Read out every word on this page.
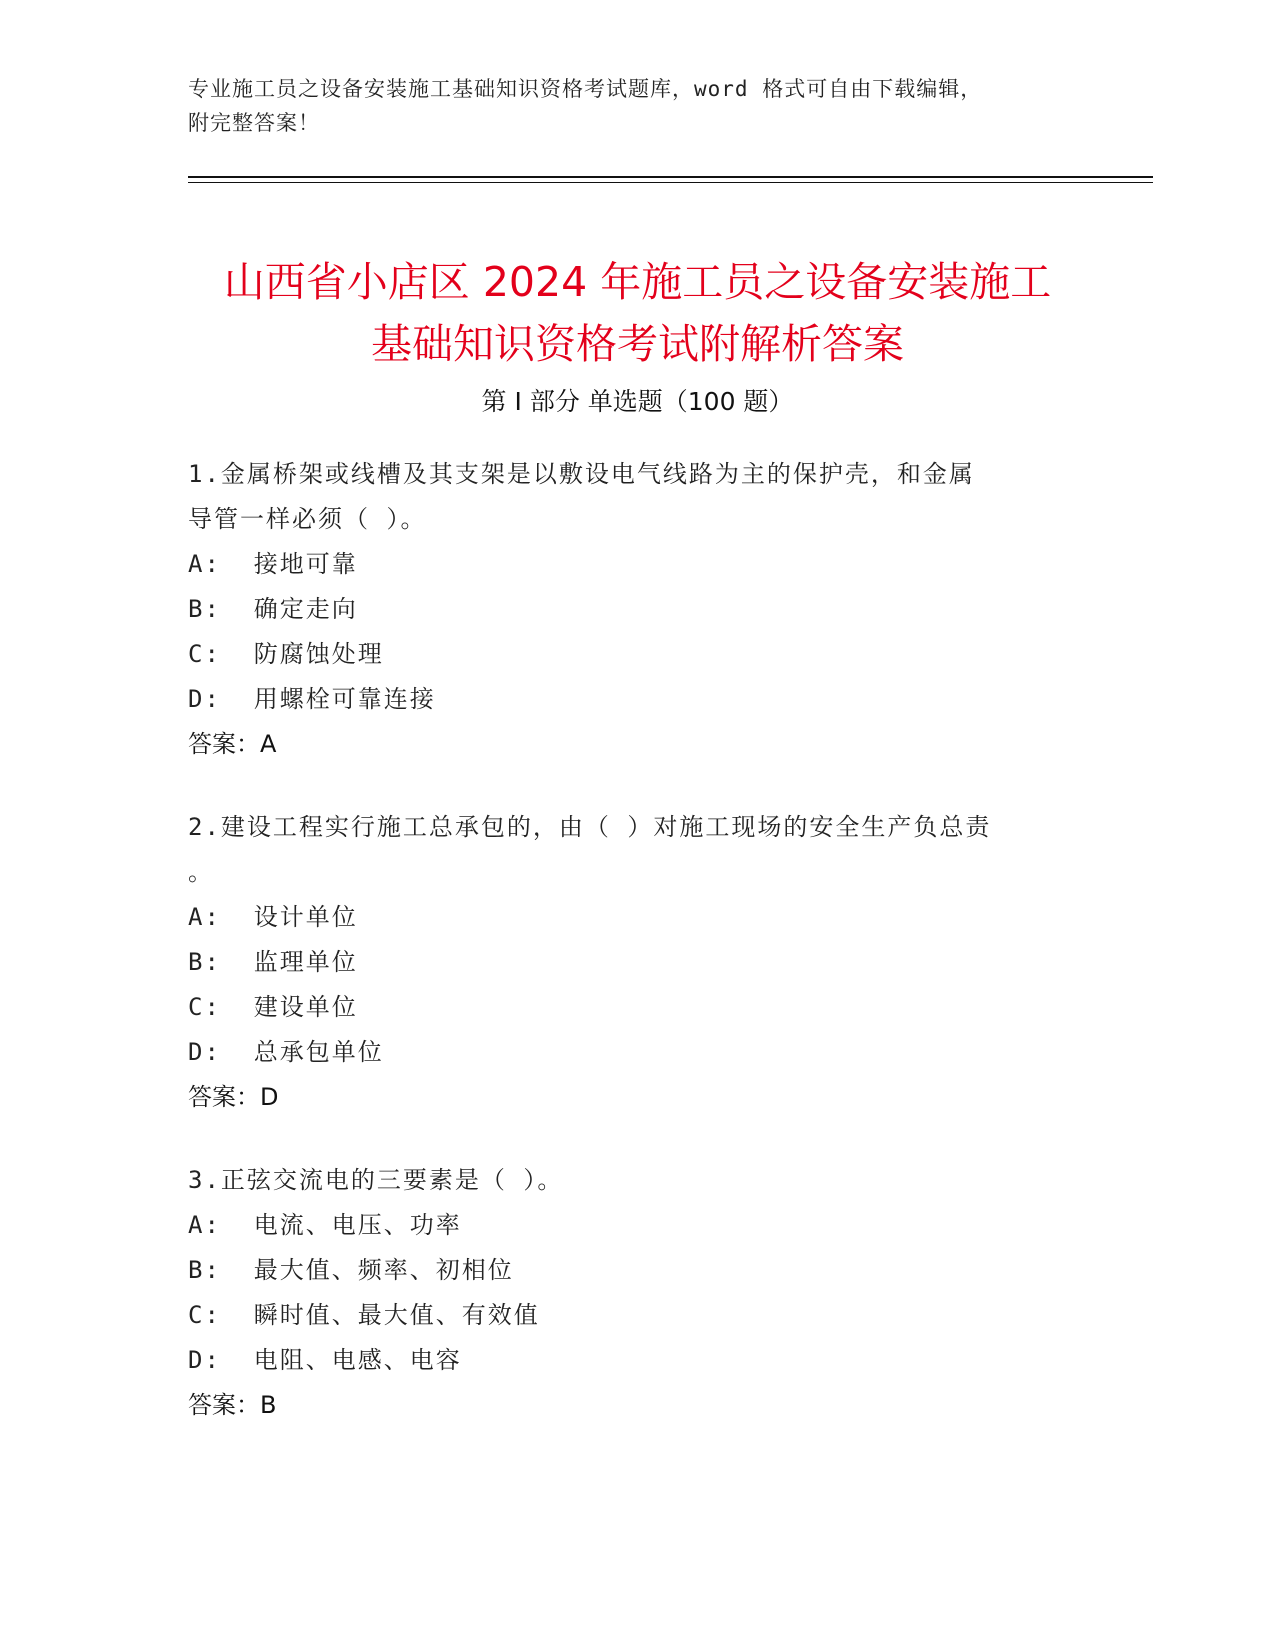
专业施工员之设备安装施工基础知识资格考试题库，word 格式可自由下载编辑，
附完整答案！
山西省小店区 2024 年施工员之设备安装施工
基础知识资格考试附解析答案
第 I 部分 单选题（100 题）
1.金属桥架或线槽及其支架是以敷设电气线路为主的保护壳，和金属
导管一样必须（ ）。
A:  接地可靠
B:  确定走向
C:  防腐蚀处理
D:  用螺栓可靠连接
答案：A
2.建设工程实行施工总承包的，由（ ）对施工现场的安全生产负总责
。
A:  设计单位
B:  监理单位
C:  建设单位
D:  总承包单位
答案：D
3.正弦交流电的三要素是（ ）。
A:  电流、电压、功率
B:  最大值、频率、初相位
C:  瞬时值、最大值、有效值
D:  电阻、电感、电容
答案：B
